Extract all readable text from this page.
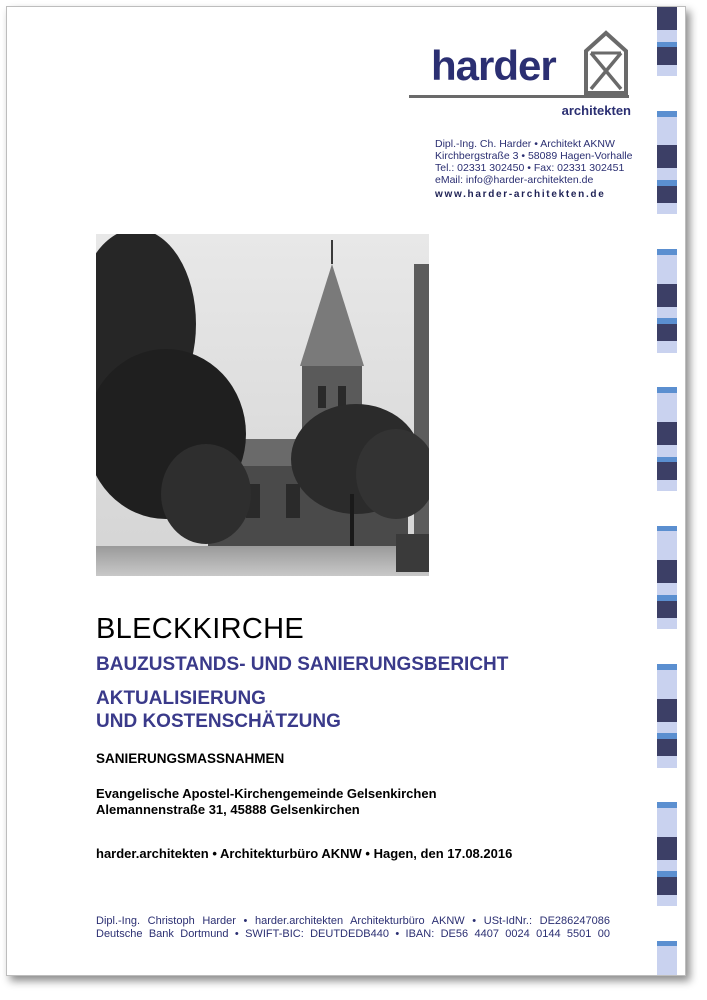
harder
architekten
Dipl.-Ing. Ch. Harder • Architekt AKNW
Kirchbergstraße 3 • 58089 Hagen-Vorhalle
Tel.: 02331 302450 • Fax: 02331 302451
eMail: info@harder-architekten.de
www.harder-architekten.de
BLECKKIRCHE
BAUZUSTANDS- UND SANIERUNGSBERICHT
AKTUALISIERUNG
UND KOSTENSCHÄTZUNG
SANIERUNGSMASSNAHMEN
Evangelische Apostel-Kirchengemeinde Gelsenkirchen
Alemannenstraße 31, 45888 Gelsenkirchen
harder.architekten • Architekturbüro AKNW • Hagen, den 17.08.2016
Dipl.-Ing. Christoph Harder • harder.architekten Architekturbüro AKNW • USt-IdNr.: DE286247086
Deutsche Bank Dortmund • SWIFT-BIC: DEUTDEDB440 • IBAN: DE56 4407 0024 0144 5501 00
